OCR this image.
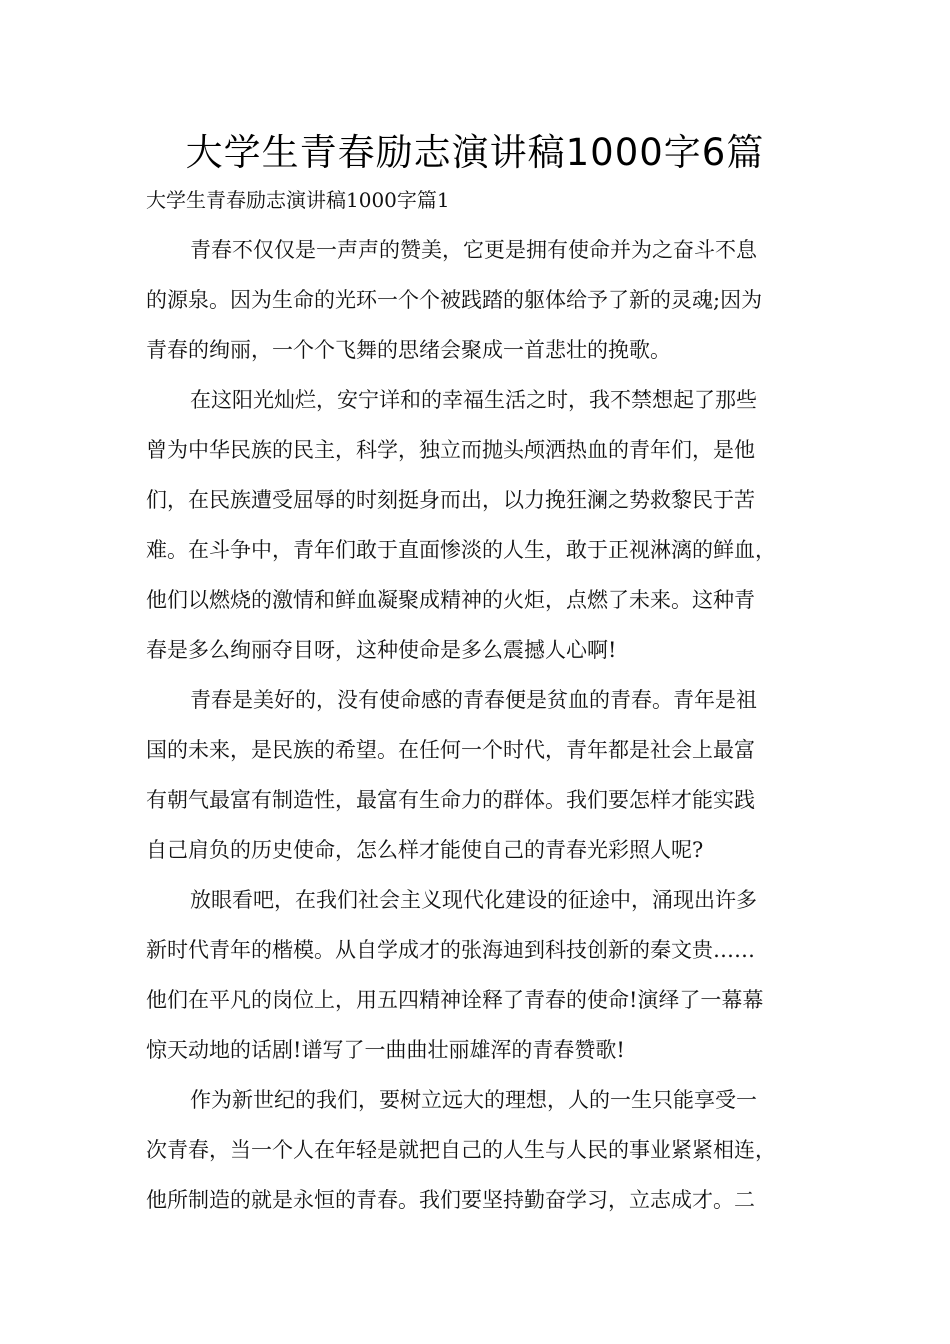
大学生青春励志演讲稿1000字6篇
大学生青春励志演讲稿1000字篇1

青春不仅仅是一声声的赞美，它更是拥有使命并为之奋斗不息
的源泉。因为生命的光环一个个被践踏的躯体给予了新的灵魂;因为
青春的绚丽，一个个飞舞的思绪会聚成一首悲壮的挽歌。

在这阳光灿烂，安宁详和的幸福生活之时，我不禁想起了那些
曾为中华民族的民主，科学，独立而抛头颅洒热血的青年们，是他
们，在民族遭受屈辱的时刻挺身而出，以力挽狂澜之势救黎民于苦
难。在斗争中，青年们敢于直面惨淡的人生，敢于正视淋漓的鲜血，
他们以燃烧的激情和鲜血凝聚成精神的火炬，点燃了未来。这种青
春是多么绚丽夺目呀，这种使命是多么震撼人心啊!

青春是美好的，没有使命感的青春便是贫血的青春。青年是祖
国的未来，是民族的希望。在任何一个时代，青年都是社会上最富
有朝气最富有制造性，最富有生命力的群体。我们要怎样才能实践
自己肩负的历史使命，怎么样才能使自己的青春光彩照人呢?

放眼看吧，在我们社会主义现代化建设的征途中，涌现出许多
新时代青年的楷模。从自学成才的张海迪到科技创新的秦文贵……
他们在平凡的岗位上，用五四精神诠释了青春的使命!演绎了一幕幕
惊天动地的话剧!谱写了一曲曲壮丽雄浑的青春赞歌!

作为新世纪的我们，要树立远大的理想，人的一生只能享受一
次青春，当一个人在年轻是就把自己的人生与人民的事业紧紧相连，
他所制造的就是永恒的青春。我们要坚持勤奋学习，立志成才。二
